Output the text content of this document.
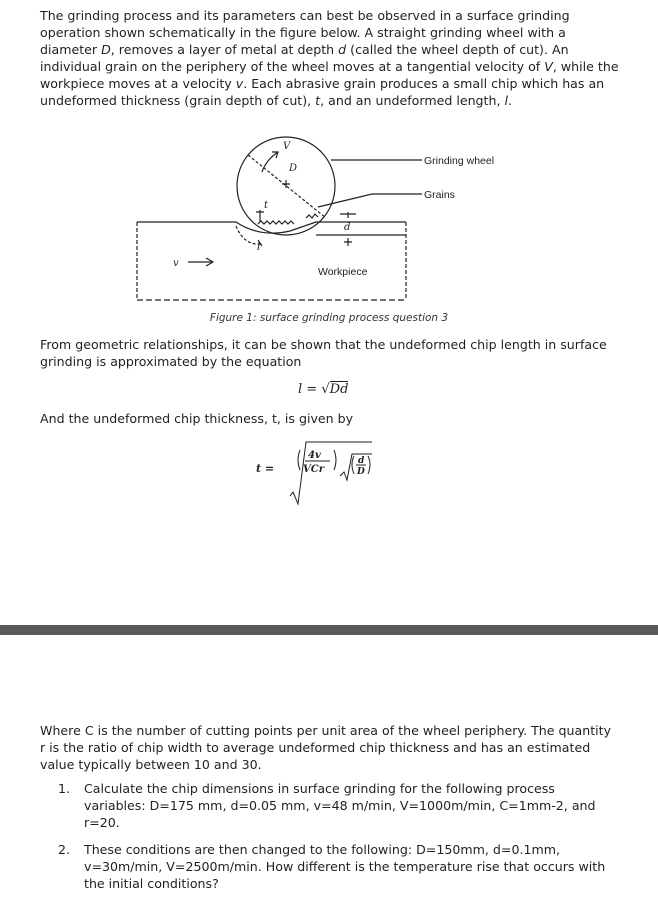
The grinding process and its parameters can best be observed in a surface grinding operation shown schematically in the figure below. A straight grinding wheel with a diameter D, removes a layer of metal at depth d (called the wheel depth of cut). An individual grain on the periphery of the wheel moves at a tangential velocity of V, while the workpiece moves at a velocity v. Each abrasive grain produces a small chip which has an undeformed thickness (grain depth of cut), t, and an undeformed length, l.

V
D
t
l
d
v
Grinding wheel
Grains
Workpiece
Figure 1: surface grinding process question 3

From geometric relationships, it can be shown that the undeformed chip length in surface grinding is approximated by the equation

l = √Dd

And the undeformed chip thickness, t, is given by

t =
4v
VCr
d
D

Where C is the number of cutting points per unit area of the wheel periphery. The quantity r is the ratio of chip width to average undeformed chip thickness and has an estimated value typically between 10 and 30.

1. Calculate the chip dimensions in surface grinding for the following process variables: D=175 mm, d=0.05 mm, v=48 m/min, V=1000m/min, C=1mm-2, and r=20.
2. These conditions are then changed to the following: D=150mm, d=0.1mm, v=30m/min, V=2500m/min. How different is the temperature rise that occurs with the initial conditions?
